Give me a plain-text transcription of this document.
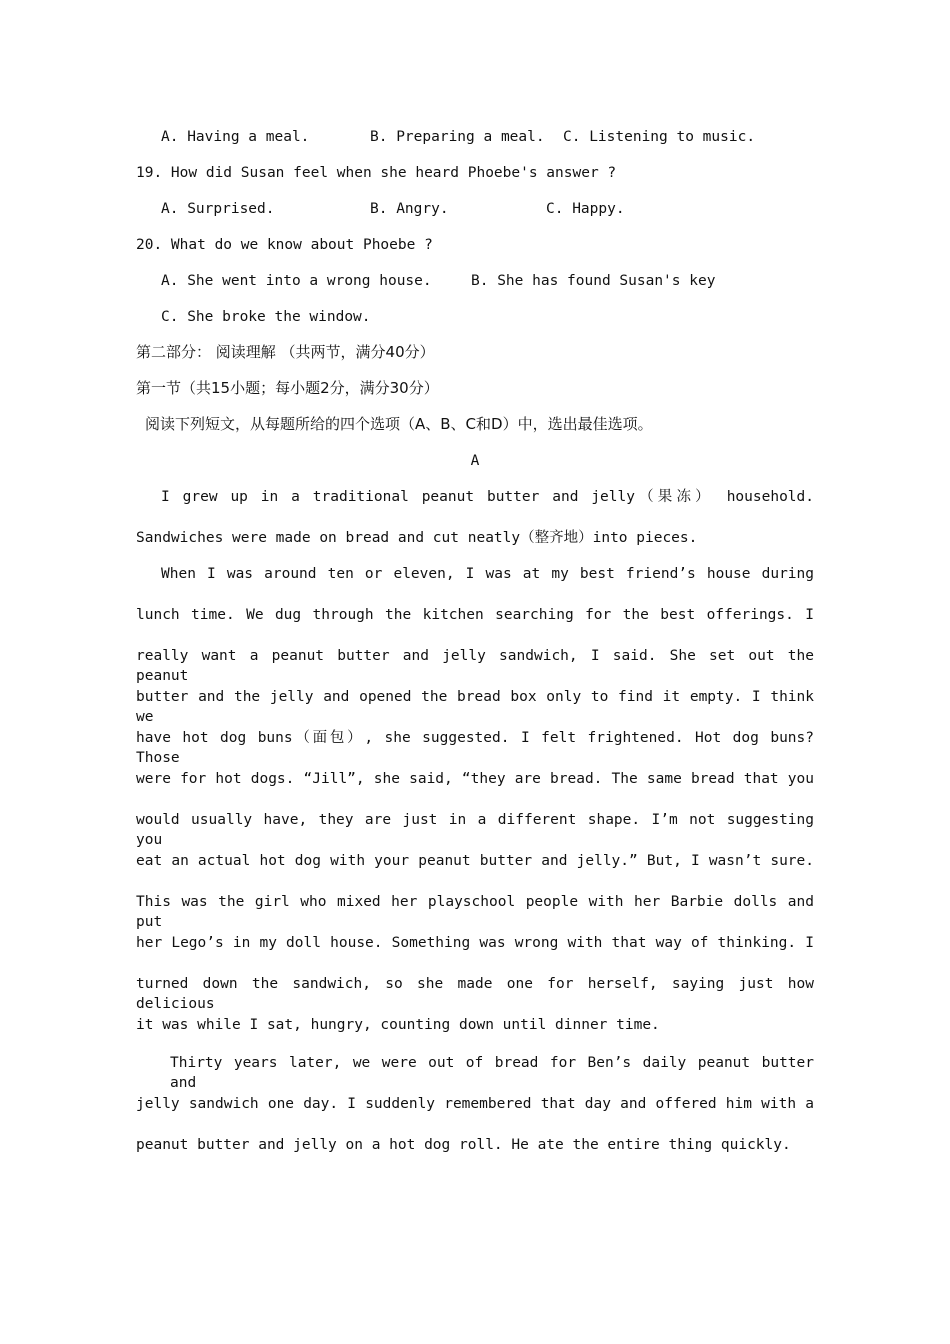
A. Having a meal.	B. Preparing a meal. C. Listening to music.
19. How did Susan feel when she heard Phoebe's answer ?
A. Surprised.	B. Angry.	C. Happy.
20. What do we know about Phoebe ?
A. She went into a wrong house.	B. She has found Susan's key
C. She broke the window.
第二部分： 阅读理解 （共两节，满分40分）
第一节（共15小题；每小题2分，满分30分）
阅读下列短文，从每题所给的四个选项（A、B、C和D）中，选出最佳选项。
A
I grew up in a traditional peanut butter and jelly（果冻） household.
Sandwiches were made on bread and cut neatly（整齐地）into pieces.
When I was around ten or eleven, I was at my best friend’s house during
lunch time. We dug through the kitchen searching for the best offerings. I
really want a peanut butter and jelly sandwich, I said. She set out the peanut
butter and the jelly and opened the bread box only to find it empty. I think we
have hot dog buns（面包）, she suggested. I felt frightened. Hot dog buns? Those
were for hot dogs. “Jill”, she said, “they are bread. The same bread that you
would usually have, they are just in a different shape. I’m not suggesting you
eat an actual hot dog with your peanut butter and jelly.” But, I wasn’t sure.
This was the girl who mixed her playschool people with her Barbie dolls and put
her Lego’s in my doll house. Something was wrong with that way of thinking. I
turned down the sandwich, so she made one for herself, saying just how delicious
it was while I sat, hungry, counting down until dinner time.
Thirty years later, we were out of bread for Ben’s daily peanut butter and
jelly sandwich one day. I suddenly remembered that day and offered him with a
peanut butter and jelly on a hot dog roll. He ate the entire thing quickly.
